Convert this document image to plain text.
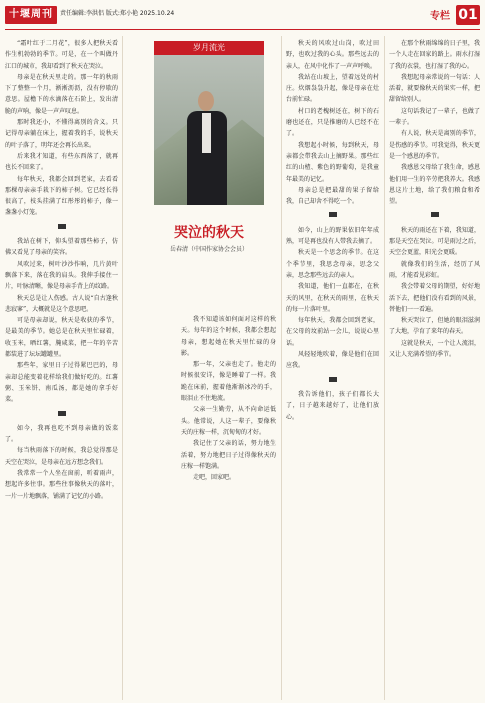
十堰周刊	责任编辑:李洪侣 版式:郑小艳 2025.10.24	专栏 01

“霜叶红于二月花”，很多人把秋天看作生机勃勃的季节。可是，在一个叫做丹江口的城市，我却看到了秋天在哭泣。

母亲是在秋天里走的。那一年的秋雨下了整整一个月，淅淅沥沥，没有停歇的意思。屋檐下的水滴落在石阶上，发出清脆的声响，像是一声声叹息。

那时我还小，不懂得离别的含义。只记得母亲躺在床上，握着我的手，说秋天的叶子落了，明年还会再长出来。

后来我才知道，有些东西落了，就再也长不回来了。

每年秋天，我都会回到老家，去看看那棵母亲亲手栽下的柿子树。它已经长得很高了，枝头挂满了红彤彤的柿子，像一盏盏小灯笼。

我站在树下，仰头望着那些柿子，仿佛又看见了母亲的笑容。

风吹过来，树叶沙沙作响，几片黄叶飘落下来，落在我的肩头。我伸手接住一片，叶脉清晰，像是母亲手背上的纹路。

秋天总是让人伤感。古人说“自古逢秋悲寂寥”，大概就是这个意思吧。

可是母亲却说，秋天是收获的季节，是最美的季节。她总是在秋天里忙碌着，收玉米，晒红薯，腌咸菜，把一年的辛苦都装进了坛坛罐罐里。

那些年，家里日子过得紧巴巴的，母亲却总能变着花样给我们做好吃的。红薯粥、玉米饼、南瓜汤，都是她的拿手好菜。

如今，我再也吃不到母亲做的饭菜了。

每当秋雨落下的时候，我总觉得那是天空在哭泣，是母亲在远方想念我们。

我常常一个人坐在窗前，听着雨声，想起许多往事。那些往事像秋天的落叶，一片一片地飘落，铺满了记忆的小路。

岁月流光
哭泣的秋天
岳春清（中国作家协会会员）

我不知道该如何面对这样的秋天。每年的这个时候，我都会想起母亲，想起她在秋天里忙碌的身影。

那一年，父亲也走了。他走的时候很安详，像是睡着了一样。我跪在床前，握着他渐渐冰冷的手，眼泪止不住地流。

父亲一生勤劳，从不向命运低头。他常说，人这一辈子，要像秋天的庄稼一样，沉甸甸的才好。

我记住了父亲的话，努力地生活着，努力地把日子过得像秋天的庄稼一样饱满。

走吧，回家吧。

秋天的风吹过山岗，吹过田野，也吹过我的心头。那些远去的亲人，在风中化作了一声声呼唤。

我站在山坡上，望着远处的村庄。炊烟袅袅升起，像是母亲在灶台前忙碌。

村口的老槐树还在，树下的石磨也还在，只是推磨的人已经不在了。

我想起小时候，每到秋天，母亲都会带我去山上摘野果。那些红红的山楂、紫色的野葡萄，是我童年最美的记忆。

母亲总是把最甜的果子留给我，自己却舍不得吃一个。

如今，山上的野果依旧年年成熟，可是再也没有人带我去摘了。

秋天是一个思念的季节。在这个季节里，我思念母亲，思念父亲，思念那些远去的亲人。

我知道，他们一直都在，在秋天的风里，在秋天的雨里，在秋天的每一片落叶里。

每年秋天，我都会回到老家，在父母的坟前站一会儿，说说心里话。

风轻轻地吹着，像是他们在回应我。

我告诉他们，孩子们都长大了，日子越来越好了，让他们放心。

在那个秋雨绵绵的日子里，我一个人走在回家的路上。雨水打湿了我的衣裳，也打湿了我的心。

我想起母亲常说的一句话：人活着，就要像秋天的果实一样，把甜留给别人。

这句话我记了一辈子，也做了一辈子。

有人说，秋天是离别的季节，是伤感的季节。可我觉得，秋天更是一个感恩的季节。

我感恩父母给了我生命，感恩他们用一生的辛劳把我养大。我感恩这片土地，给了我们粮食和希望。

秋天的雨还在下着，我知道，那是天空在哭泣。可是雨过之后，天空会更蓝，阳光会更暖。

就像我们的生活，经历了风雨，才能看见彩虹。

我会带着父母的期望，好好地活下去，把他们没有看到的风景，替他们一一看遍。

秋天哭泣了，但她的眼泪滋润了大地，孕育了来年的春天。

这就是秋天，一个让人流泪，又让人充满希望的季节。
